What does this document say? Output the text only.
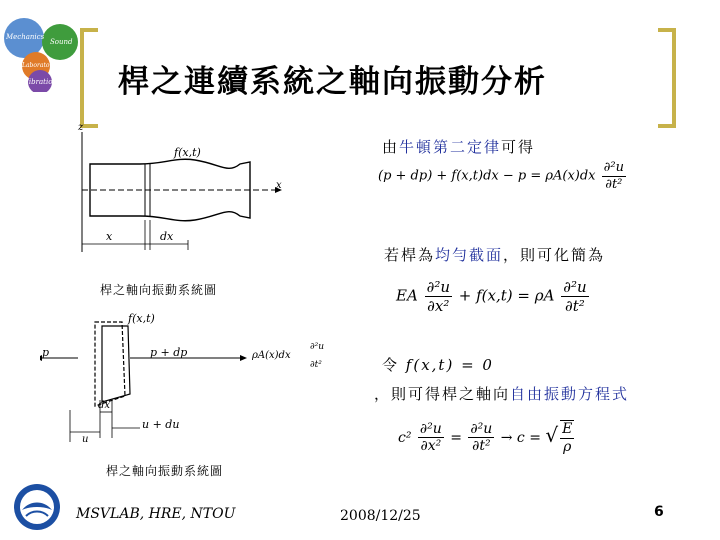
Mechanics
Sound
Laboratory
Vibration 桿之連續系統之軸向振動分析
z
f(x,t)
x
x	dx
桿之軸向振動系統圖
f(x,t)
p	p + dp	ρA(x)dx
∂²u
∂t²
dx
u
u + du
桿之軸向振動系統圖
由牛頓第二定律可得
$(p + dp) + f(x,t)dx - p = \rho A(x)dx \frac{\text{∂²u}}{\text{∂t²}}$
若桿為均勻截面，則可化簡為
EA $\frac{\text{∂²u}}{\text{∂x²}} + f(x,t) = \rho A \frac{\text{∂²u}}{\text{∂t²}}$
令 f(x,t) = 0
，則可得桿之軸向自由振動方程式
$c^2 \frac{\text{∂²u}}{\text{∂x²}} = \frac{\text{∂²u}}{\text{∂t²}} \to c$ = √ $\frac{E}{\rho}$
MSVLAB, HRE, NTOU	2008/12/25	6
